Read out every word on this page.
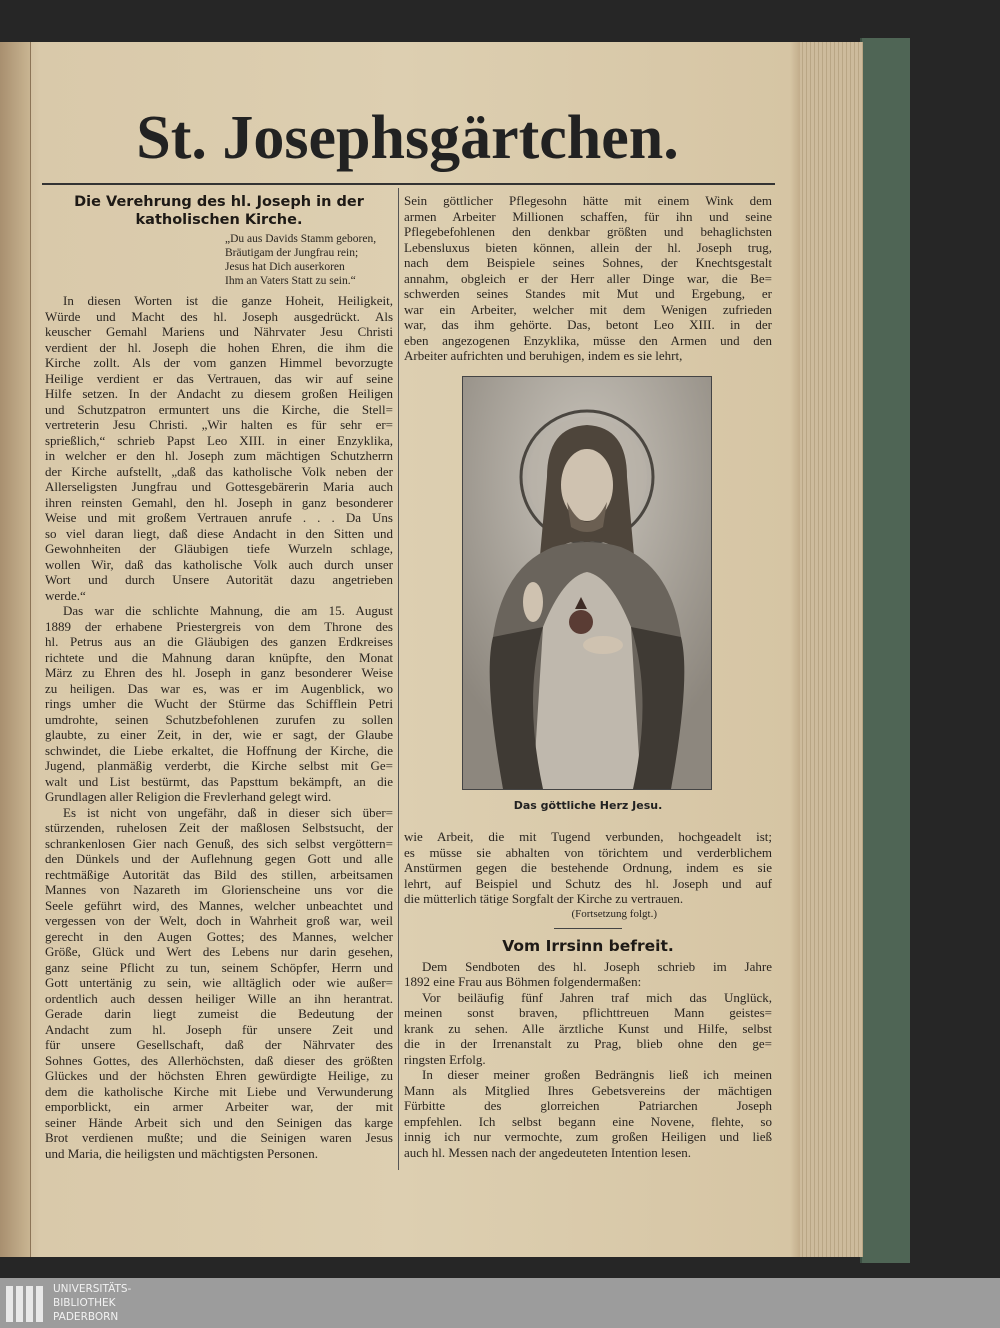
St. Josephsgärtchen.
Die Verehrung des hl. Joseph in der
katholischen Kirche.
„Du aus Davids Stamm geboren,
Bräutigam der Jungfrau rein;
Jesus hat Dich auserkoren
Ihm an Vaters Statt zu sein.“
In diesen Worten ist die ganze Hoheit, Heiligkeit,
Würde und Macht des hl. Joseph ausgedrückt. Als
keuscher Gemahl Mariens und Nährvater Jesu Christi
verdient der hl. Joseph die hohen Ehren, die ihm die
Kirche zollt. Als der vom ganzen Himmel bevorzugte
Heilige verdient er das Vertrauen, das wir auf seine
Hilfe setzen. In der Andacht zu diesem großen Heiligen
und Schutzpatron ermuntert uns die Kirche, die Stell=
vertreterin Jesu Christi. „Wir halten es für sehr er=
sprießlich,“ schrieb Papst Leo XIII. in einer Enzyklika,
in welcher er den hl. Joseph zum mächtigen Schutzherrn
der Kirche aufstellt, „daß das katholische Volk neben der
Allerseligsten Jungfrau und Gottesgebärerin Maria auch
ihren reinsten Gemahl, den hl. Joseph in ganz besonderer
Weise und mit großem Vertrauen anrufe . . . Da Uns
so viel daran liegt, daß diese Andacht in den Sitten und
Gewohnheiten der Gläubigen tiefe Wurzeln schlage,
wollen Wir, daß das katholische Volk auch durch unser
Wort und durch Unsere Autorität dazu angetrieben
werde.“
Das war die schlichte Mahnung, die am 15. August
1889 der erhabene Priestergreis von dem Throne des
hl. Petrus aus an die Gläubigen des ganzen Erdkreises
richtete und die Mahnung daran knüpfte, den Monat
März zu Ehren des hl. Joseph in ganz besonderer Weise
zu heiligen. Das war es, was er im Augenblick, wo
rings umher die Wucht der Stürme das Schifflein Petri
umdrohte, seinen Schutzbefohlenen zurufen zu sollen
glaubte, zu einer Zeit, in der, wie er sagt, der Glaube
schwindet, die Liebe erkaltet, die Hoffnung der Kirche, die
Jugend, planmäßig verderbt, die Kirche selbst mit Ge=
walt und List bestürmt, das Papsttum bekämpft, an die
Grundlagen aller Religion die Frevlerhand gelegt wird.
Es ist nicht von ungefähr, daß in dieser sich über=
stürzenden, ruhelosen Zeit der maßlosen Selbstsucht, der
schrankenlosen Gier nach Genuß, des sich selbst vergöttern=
den Dünkels und der Auflehnung gegen Gott und alle
rechtmäßige Autorität das Bild des stillen, arbeitsamen
Mannes von Nazareth im Glorienscheine uns vor die
Seele geführt wird, des Mannes, welcher unbeachtet und
vergessen von der Welt, doch in Wahrheit groß war, weil
gerecht in den Augen Gottes; des Mannes, welcher
Größe, Glück und Wert des Lebens nur darin gesehen,
ganz seine Pflicht zu tun, seinem Schöpfer, Herrn und
Gott untertänig zu sein, wie alltäglich oder wie außer=
ordentlich auch dessen heiliger Wille an ihn herantrat.
Gerade darin liegt zumeist die Bedeutung der
Andacht zum hl. Joseph für unsere Zeit und
für unsere Gesellschaft, daß der Nährvater des
Sohnes Gottes, des Allerhöchsten, daß dieser des größten
Glückes und der höchsten Ehren gewürdigte Heilige, zu
dem die katholische Kirche mit Liebe und Verwunderung
emporblickt, ein armer Arbeiter war, der mit
seiner Hände Arbeit sich und den Seinigen das karge
Brot verdienen mußte; und die Seinigen waren Jesus
und Maria, die heiligsten und mächtigsten Personen.
Sein göttlicher Pflegesohn hätte mit einem Wink dem
armen Arbeiter Millionen schaffen, für ihn und seine
Pflegebefohlenen den denkbar größten und behaglichsten
Lebensluxus bieten können, allein der hl. Joseph trug,
nach dem Beispiele seines Sohnes, der Knechtsgestalt
annahm, obgleich er der Herr aller Dinge war, die Be=
schwerden seines Standes mit Mut und Ergebung, er
war ein Arbeiter, welcher mit dem Wenigen zufrieden
war, das ihm gehörte. Das, betont Leo XIII. in der
eben angezogenen Enzyklika, müsse den Armen und den
Arbeiter aufrichten und beruhigen, indem es sie lehrt,
Das göttliche Herz Jesu.
wie Arbeit, die mit Tugend verbunden, hochgeadelt ist;
es müsse sie abhalten von törichtem und verderblichem
Anstürmen gegen die bestehende Ordnung, indem es sie
lehrt, auf Beispiel und Schutz des hl. Joseph und auf
die mütterlich tätige Sorgfalt der Kirche zu vertrauen.
(Fortsetzung folgt.)
Vom Irrsinn befreit.
Dem Sendboten des hl. Joseph schrieb im Jahre
1892 eine Frau aus Böhmen folgendermaßen:
Vor beiläufig fünf Jahren traf mich das Unglück,
meinen sonst braven, pflichttreuen Mann geistes=
krank zu sehen. Alle ärztliche Kunst und Hilfe, selbst
die in der Irrenanstalt zu Prag, blieb ohne den ge=
ringsten Erfolg.
In dieser meiner großen Bedrängnis ließ ich meinen
Mann als Mitglied Ihres Gebetsvereins der mächtigen
Fürbitte des glorreichen Patriarchen Joseph
empfehlen. Ich selbst begann eine Novene, flehte, so
innig ich nur vermochte, zum großen Heiligen und ließ
auch hl. Messen nach der angedeuteten Intention lesen.
UNIVERSITÄTS-
BIBLIOTHEK
PADERBORN
